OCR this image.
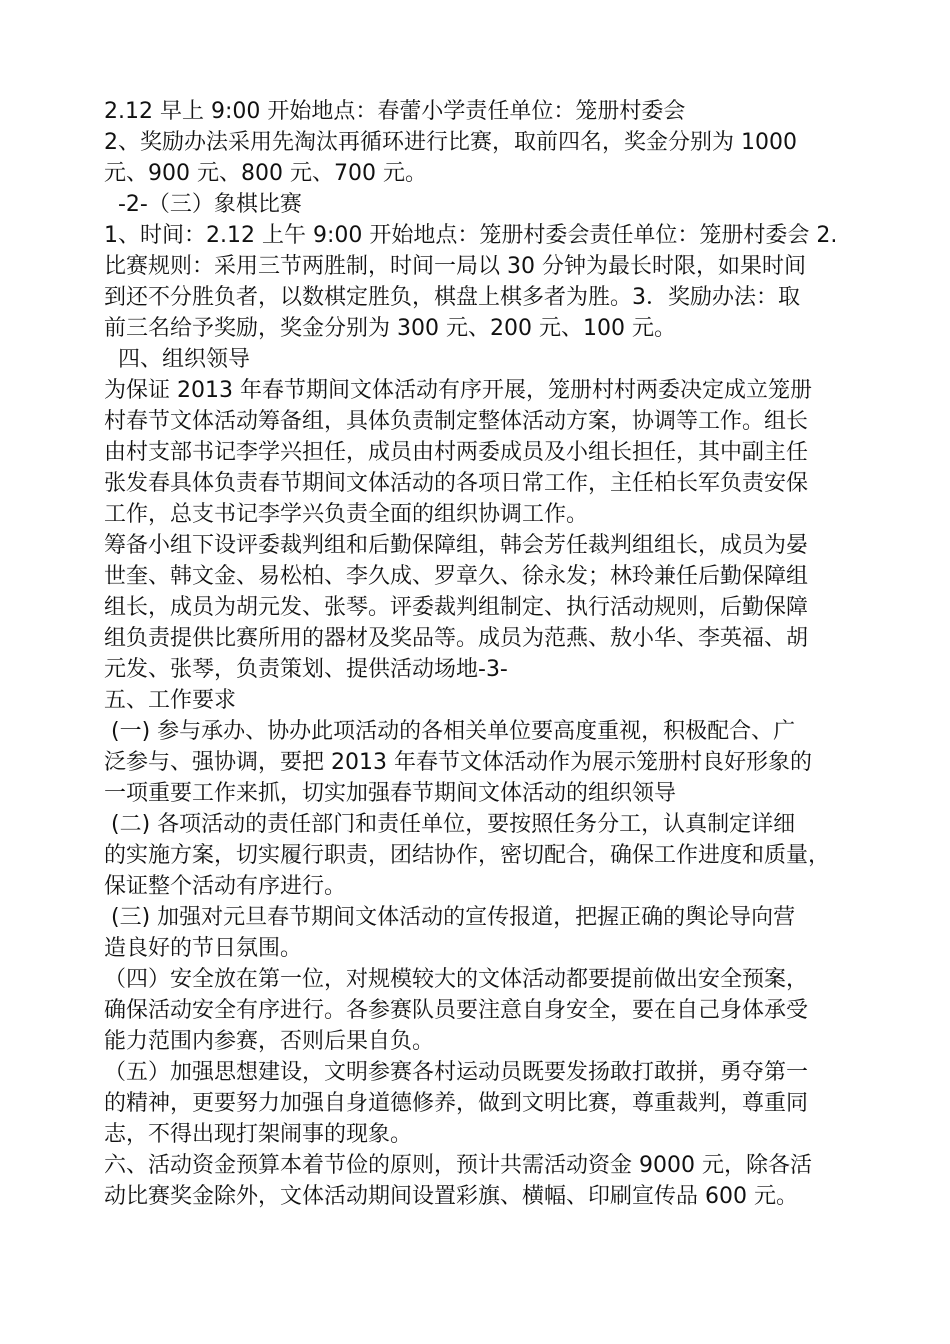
2.12 早上 9:00 开始地点：春蕾小学责任单位：笼册村委会
2、奖励办法采用先淘汰再循环进行比赛，取前四名，奖金分别为 1000
元、900 元、800 元、700 元。
-2-（三）象棋比赛
1、时间：2.12 上午 9:00 开始地点：笼册村委会责任单位：笼册村委会 2.
比赛规则：采用三节两胜制，时间一局以 30 分钟为最长时限，如果时间
到还不分胜负者，以数棋定胜负，棋盘上棋多者为胜。3．奖励办法：取
前三名给予奖励，奖金分别为 300 元、200 元、100 元。
四、组织领导
为保证 2013 年春节期间文体活动有序开展，笼册村村两委决定成立笼册
村春节文体活动筹备组，具体负责制定整体活动方案，协调等工作。组长
由村支部书记李学兴担任，成员由村两委成员及小组长担任，其中副主任
张发春具体负责春节期间文体活动的各项日常工作，主任柏长军负责安保
工作，总支书记李学兴负责全面的组织协调工作。
筹备小组下设评委裁判组和后勤保障组，韩会芳任裁判组组长，成员为晏
世奎、韩文金、易松柏、李久成、罗章久、徐永发；林玲兼任后勤保障组
组长，成员为胡元发、张琴。评委裁判组制定、执行活动规则，后勤保障
组负责提供比赛所用的器材及奖品等。成员为范燕、敖小华、李英福、胡
元发、张琴，负责策划、提供活动场地-3-
五、工作要求
(一) 参与承办、协办此项活动的各相关单位要高度重视，积极配合、广
泛参与、强协调，要把 2013 年春节文体活动作为展示笼册村良好形象的
一项重要工作来抓，切实加强春节期间文体活动的组织领导
(二) 各项活动的责任部门和责任单位，要按照任务分工，认真制定详细
的实施方案，切实履行职责，团结协作，密切配合，确保工作进度和质量，
保证整个活动有序进行。
(三) 加强对元旦春节期间文体活动的宣传报道，把握正确的舆论导向营
造良好的节日氛围。
（四）安全放在第一位，对规模较大的文体活动都要提前做出安全预案，
确保活动安全有序进行。各参赛队员要注意自身安全，要在自己身体承受
能力范围内参赛，否则后果自负。
（五）加强思想建设，文明参赛各村运动员既要发扬敢打敢拼，勇夺第一
的精神，更要努力加强自身道德修养，做到文明比赛，尊重裁判，尊重同
志，不得出现打架闹事的现象。
六、活动资金预算本着节俭的原则，预计共需活动资金 9000 元，除各活
动比赛奖金除外，文体活动期间设置彩旗、横幅、印刷宣传品 600 元。
